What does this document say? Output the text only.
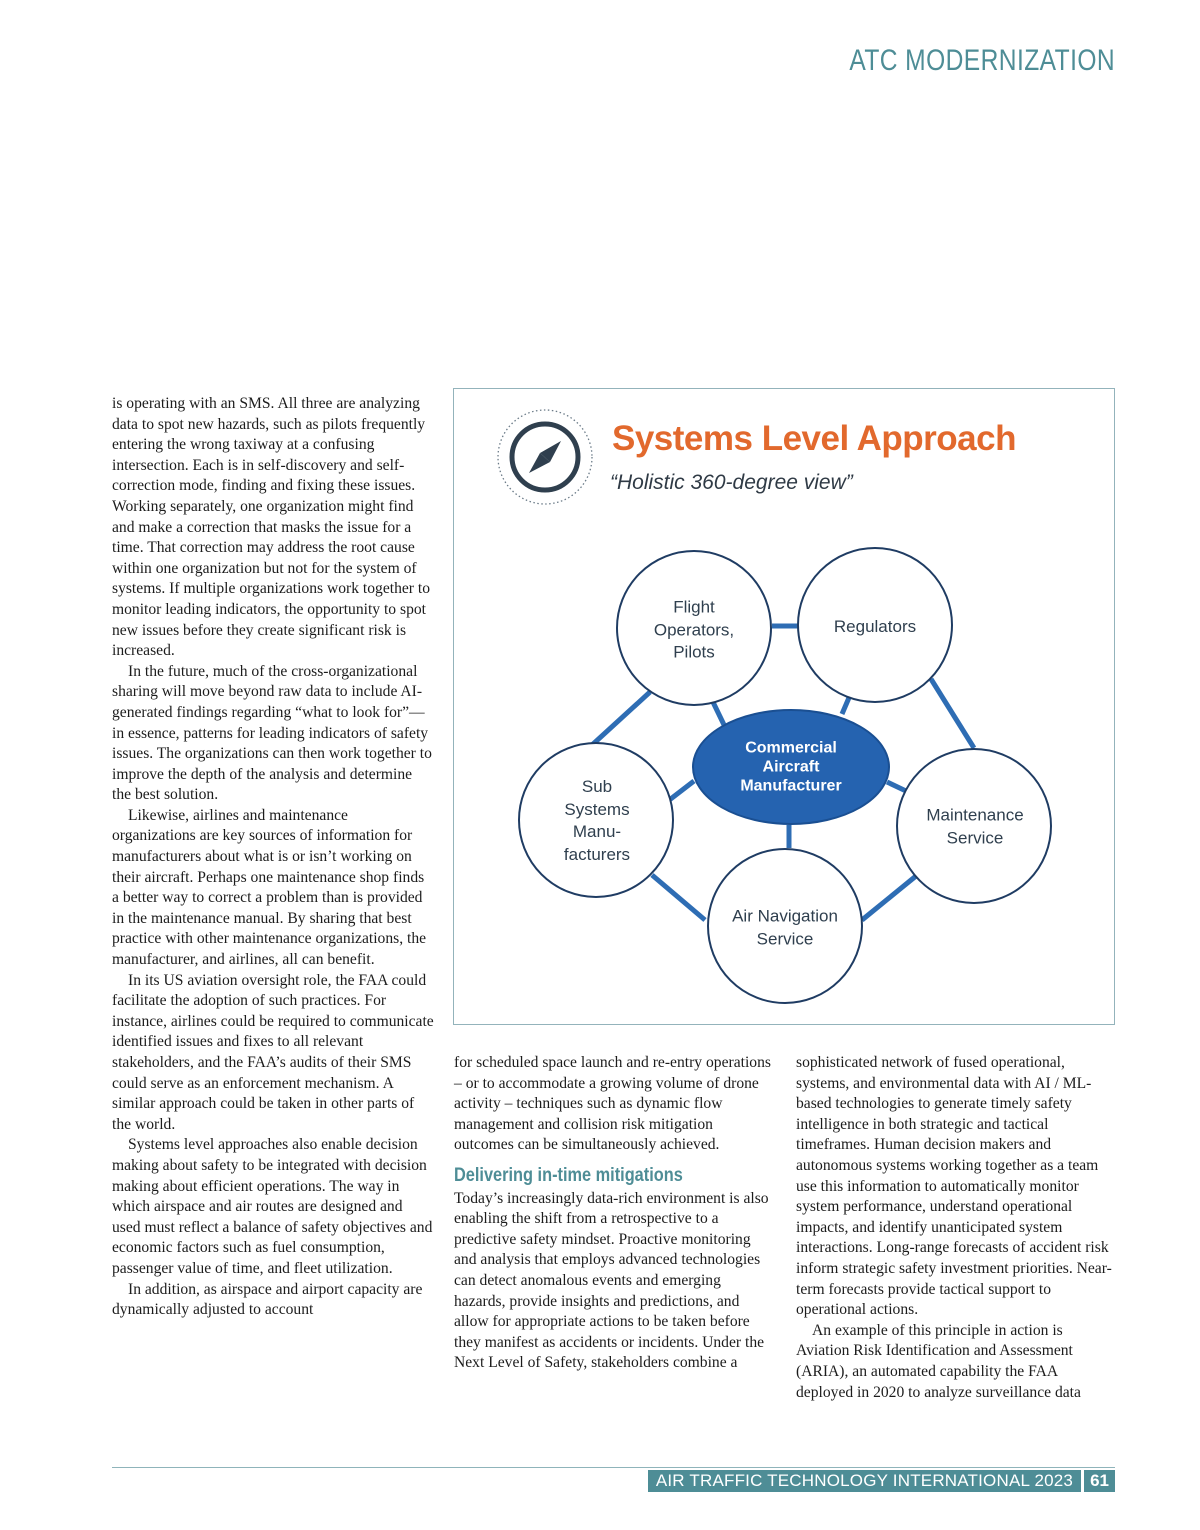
ATC MODERNIZATION

is operating with an SMS. All three are analyzing data to spot new hazards, such as pilots frequently entering the wrong taxiway at a confusing intersection. Each is in self-discovery and self-correction mode, finding and fixing these issues. Working separately, one organization might find and make a correction that masks the issue for a time. That correction may address the root cause within one organization but not for the system of systems. If multiple organizations work together to monitor leading indicators, the opportunity to spot new issues before they create significant risk is increased.

In the future, much of the cross-organizational sharing will move beyond raw data to include AI-generated findings regarding “what to look for”—in essence, patterns for leading indicators of safety issues. The organizations can then work together to improve the depth of the analysis and determine the best solution.

Likewise, airlines and maintenance organizations are key sources of information for manufacturers about what is or isn’t working on their aircraft. Perhaps one maintenance shop finds a better way to correct a problem than is provided in the maintenance manual. By sharing that best practice with other maintenance organizations, the manufacturer, and airlines, all can benefit.

In its US aviation oversight role, the FAA could facilitate the adoption of such practices. For instance, airlines could be required to communicate identified issues and fixes to all relevant stakeholders, and the FAA’s audits of their SMS could serve as an enforcement mechanism. A similar approach could be taken in other parts of the world.

Systems level approaches also enable decision making about safety to be integrated with decision making about efficient operations. The way in which airspace and air routes are designed and used must reflect a balance of safety objectives and economic factors such as fuel consumption, passenger value of time, and fleet utilization.

In addition, as airspace and airport capacity are dynamically adjusted to account

Systems Level Approach
“Holistic 360-degree view”
Flight
Operators,
Pilots
Regulators
Maintenance
Service
Air Navigation
Service
Sub
Systems
Manu-
facturers
Commercial
Aircraft
Manufacturer

for scheduled space launch and re-entry operations – or to accommodate a growing volume of drone activity – techniques such as dynamic flow management and collision risk mitigation outcomes can be simultaneously achieved.

Delivering in-time mitigations

Today’s increasingly data-rich environment is also enabling the shift from a retrospective to a predictive safety mindset. Proactive monitoring and analysis that employs advanced technologies can detect anomalous events and emerging hazards, provide insights and predictions, and allow for appropriate actions to be taken before they manifest as accidents or incidents. Under the Next Level of Safety, stakeholders combine a

sophisticated network of fused operational, systems, and environmental data with AI / ML-based technologies to generate timely safety intelligence in both strategic and tactical timeframes. Human decision makers and autonomous systems working together as a team use this information to automatically monitor system performance, understand operational impacts, and identify unanticipated system interactions. Long-range forecasts of accident risk inform strategic safety investment priorities. Near-term forecasts provide tactical support to operational actions.

An example of this principle in action is Aviation Risk Identification and Assessment (ARIA), an automated capability the FAA deployed in 2020 to analyze surveillance data

AIR TRAFFIC TECHNOLOGY INTERNATIONAL 2023	61
